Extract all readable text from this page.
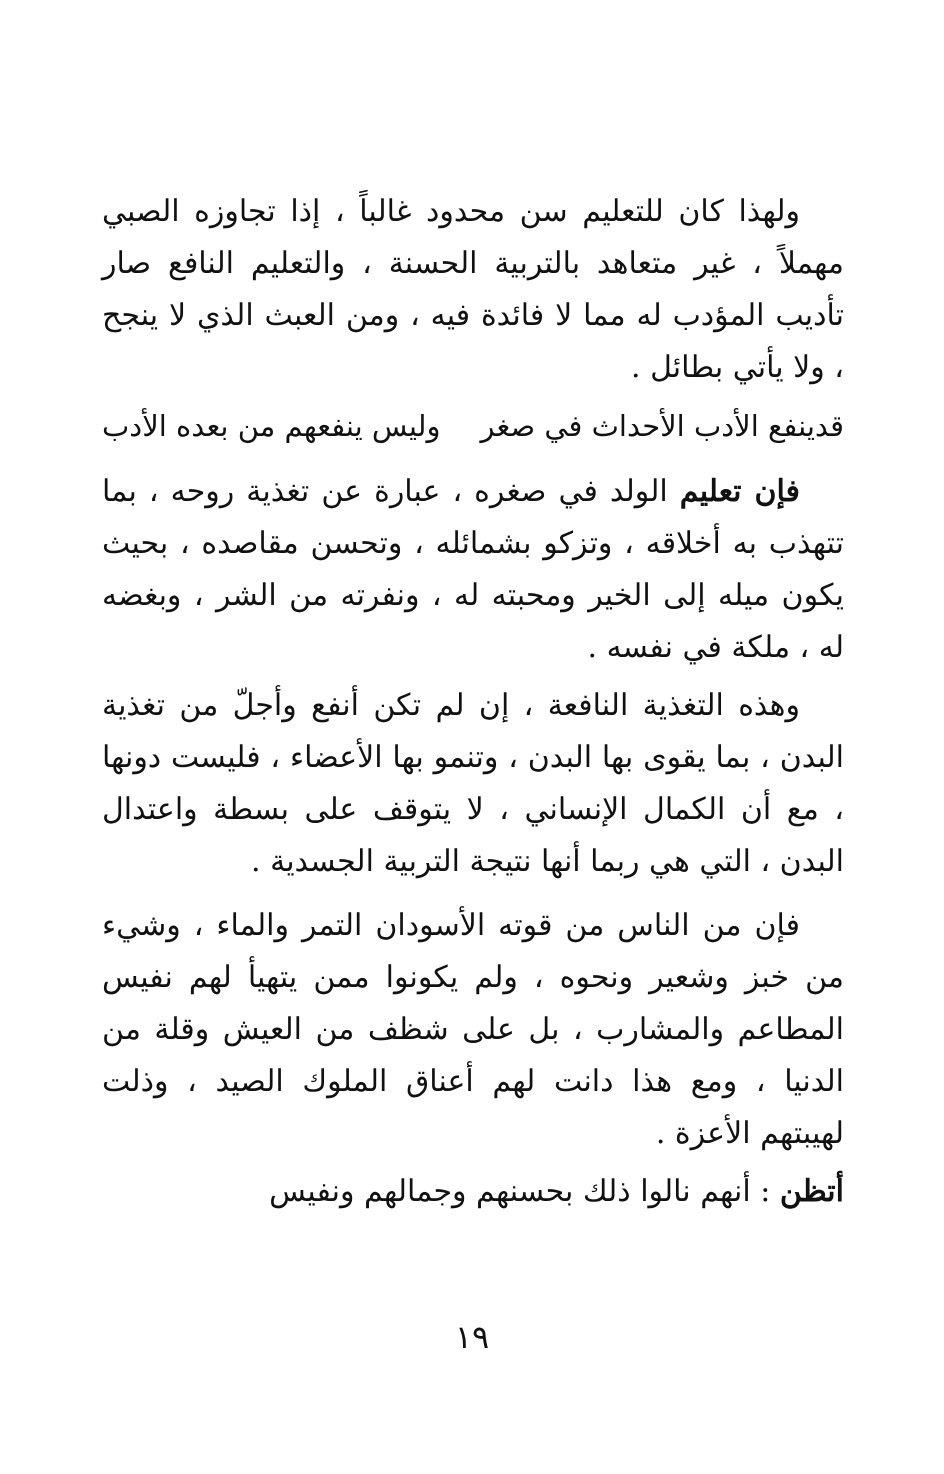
ولهذا كان للتعليم سن محدود غالباً ، إذا تجاوزه الصبي مهملاً ، غير متعاهد بالتربية الحسنة ، والتعليم النافع صار تأديب المؤدب له مما لا فائدة فيه ، ومن العبث الذي لا ينجح ، ولا يأتي بطائل .

قدينفع الأدب الأحداث في صغر
وليس ينفعهم من بعده الأدب

فإن تعليم الولد في صغره ، عبارة عن تغذية روحه ، بما تتهذب به أخلاقه ، وتزكو بشمائله ، وتحسن مقاصده ، بحيث يكون ميله إلى الخير ومحبته له ، ونفرته من الشر ، وبغضه له ، ملكة في نفسه .

وهذه التغذية النافعة ، إن لم تكن أنفع وأجلّ من تغذية البدن ، بما يقوى بها البدن ، وتنمو بها الأعضاء ، فليست دونها ، مع أن الكمال الإنساني ، لا يتوقف على بسطة واعتدال البدن ، التي هي ربما أنها نتيجة التربية الجسدية .

فإن من الناس من قوته الأسودان التمر والماء ، وشيء من خبز وشعير ونحوه ، ولم يكونوا ممن يتهيأ لهم نفيس المطاعم والمشارب ، بل على شظف من العيش وقلة من الدنيا ، ومع هذا دانت لهم أعناق الملوك الصيد ، وذلت لهيبتهم الأعزة .

أتظن : أنهم نالوا ذلك بحسنهم وجمالهم ونفيس

١٩
